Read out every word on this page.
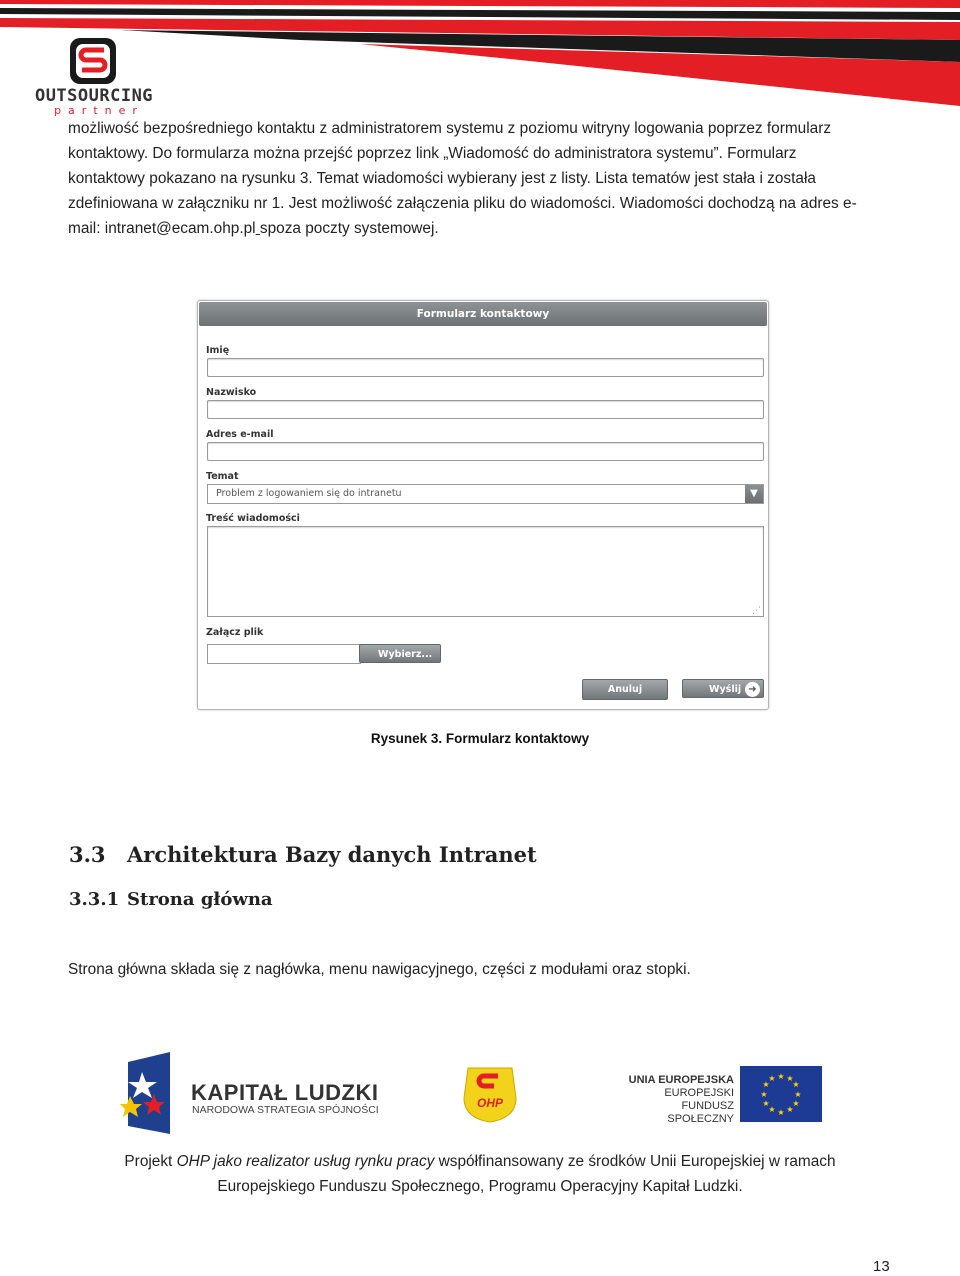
OUTSOURCING
partner
możliwość bezpośredniego kontaktu z administratorem systemu z poziomu witryny logowania poprzez formularz
kontaktowy. Do formularza można przejść poprzez link „Wiadomość do administratora systemu”. Formularz
kontaktowy pokazano na rysunku 3. Temat wiadomości wybierany jest z listy. Lista tematów jest stała i została
zdefiniowana w załączniku nr 1. Jest możliwość załączenia pliku do wiadomości. Wiadomości dochodzą na adres e-
mail: intranet@ecam.ohp.pl spoza poczty systemowej.
Formularz kontaktowy
Imię
Nazwisko
Adres e-mail
Temat
Problem z logowaniem się do intranetu	▼
Treść wiadomości
⋰
Załącz plik
Wybierz...
Anuluj	Wyślij ➜
Rysunek 3. Formularz kontaktowy
3.3 Architektura Bazy danych Intranet
3.3.1 Strona główna
Strona główna składa się z nagłówka, menu nawigacyjnego, części z modułami oraz stopki.
KAPITAŁ LUDZKI
NARODOWA STRATEGIA SPÓJNOŚCI	OHP
UNIA EUROPEJSKA
EUROPEJSKI
FUNDUSZ SPOŁECZNY
★ ★
★
★
★
★
★
★
★
★
★
★
Projekt OHP jako realizator usług rynku pracy współfinansowany ze środków Unii Europejskiej w ramach
Europejskiego Funduszu Społecznego, Programu Operacyjny Kapitał Ludzki.
13
